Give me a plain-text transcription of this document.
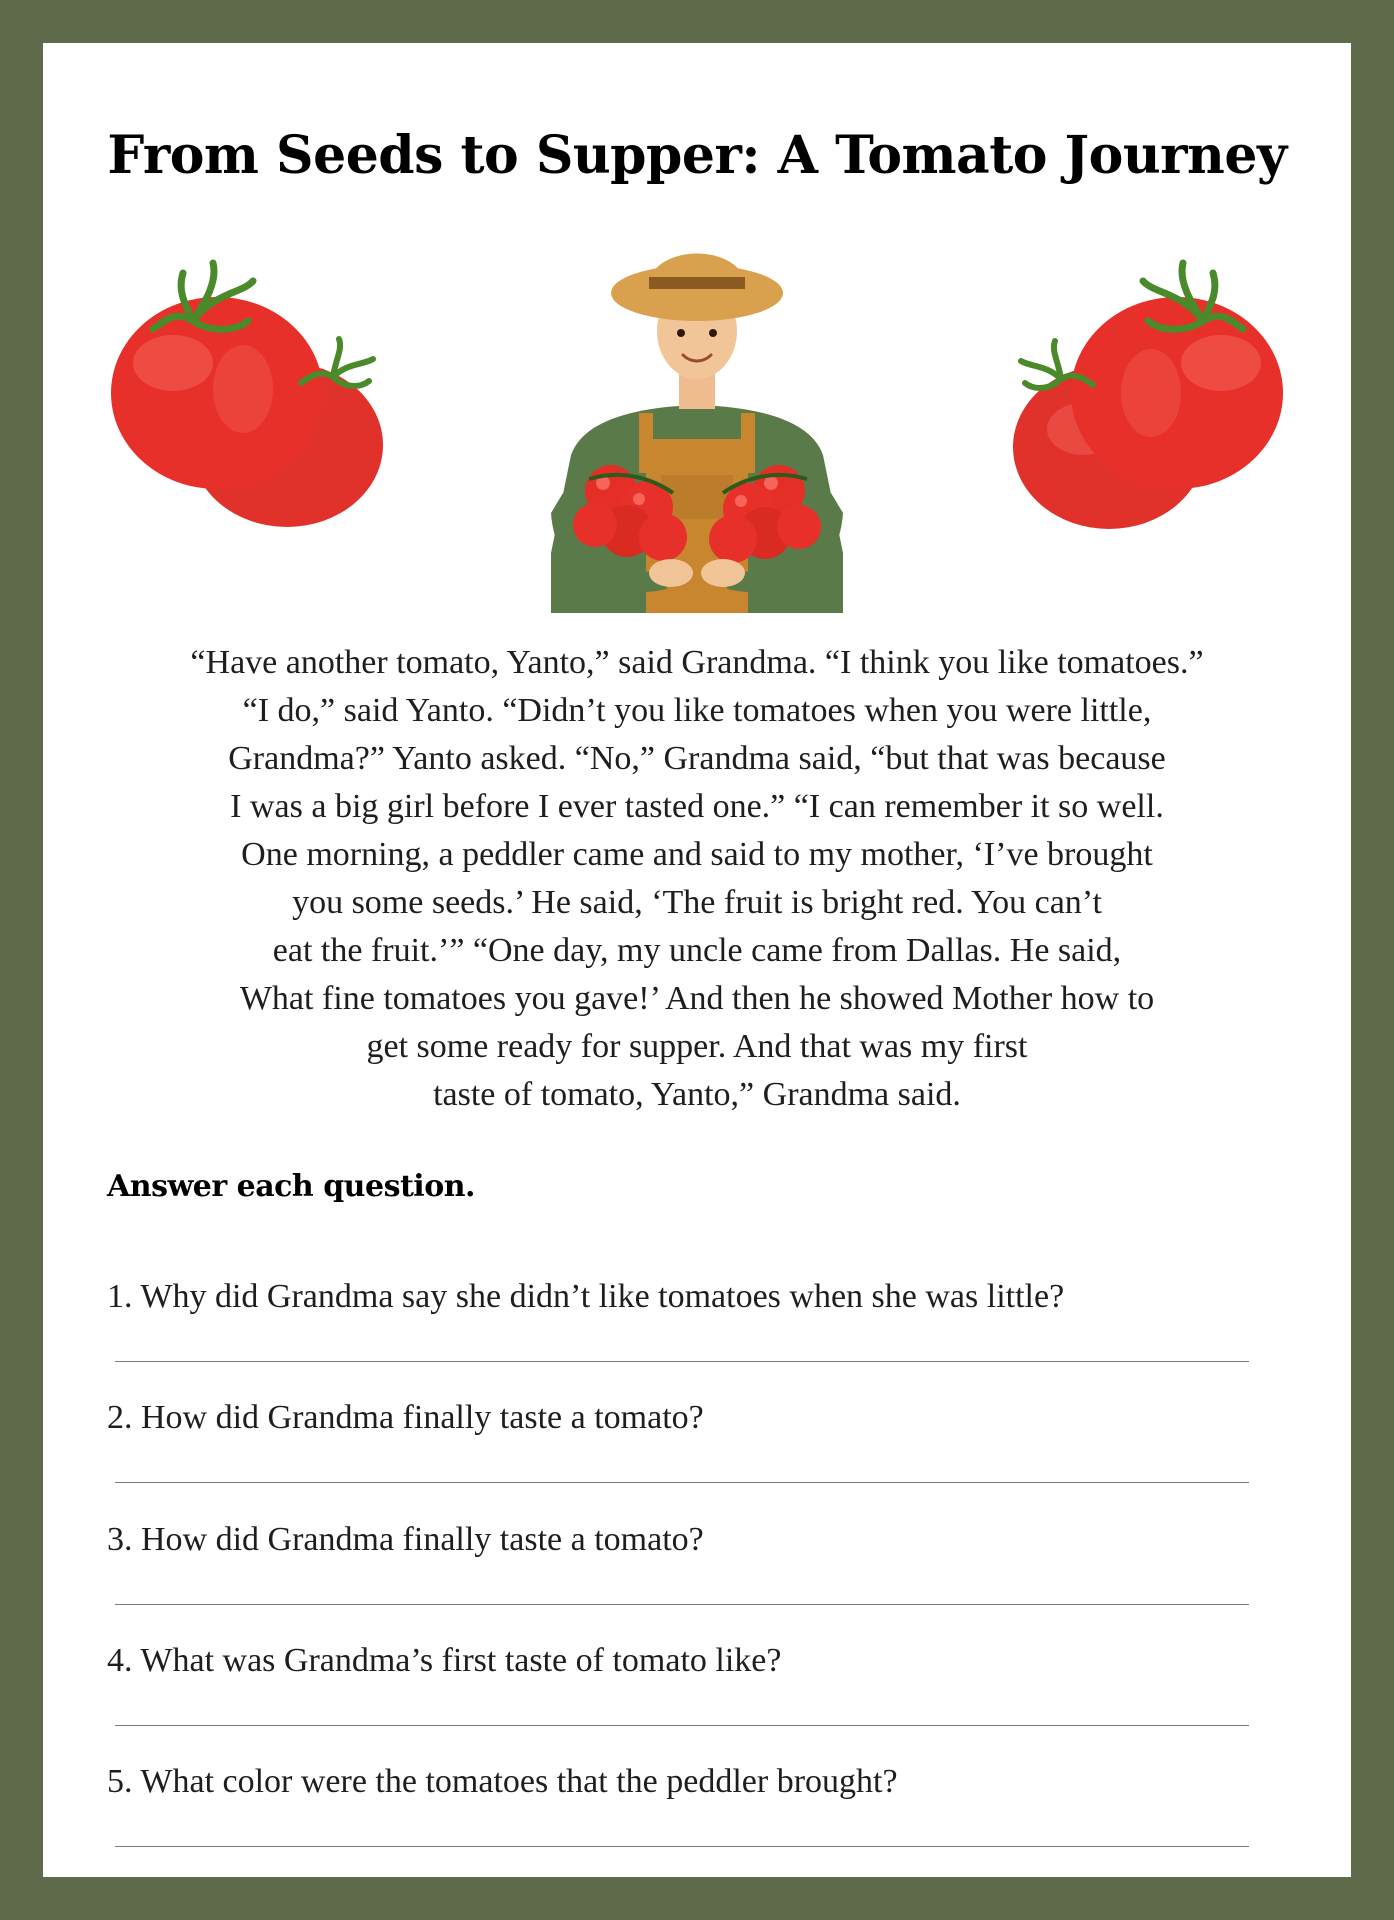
From Seeds to Supper: A Tomato Journey
“Have another tomato, Yanto,” said Grandma. “I think you like tomatoes.”
“I do,” said Yanto. “Didn’t you like tomatoes when you were little,
Grandma?” Yanto asked. “No,” Grandma said, “but that was because
I was a big girl before I ever tasted one.” “I can remember it so well.
One morning, a peddler came and said to my mother, ‘I’ve brought
you some seeds.’ He said, ‘The fruit is bright red. You can’t
eat the fruit.’” “One day, my uncle came from Dallas. He said,
What fine tomatoes you gave!’ And then he showed Mother how to
get some ready for supper. And that was my first
taste of tomato, Yanto,” Grandma said.
Answer each question.
1. Why did Grandma say she didn’t like tomatoes when she was little?
2. How did Grandma finally taste a tomato?
3. How did Grandma finally taste a tomato?
4. What was Grandma’s first taste of tomato like?
5. What color were the tomatoes that the peddler brought?
